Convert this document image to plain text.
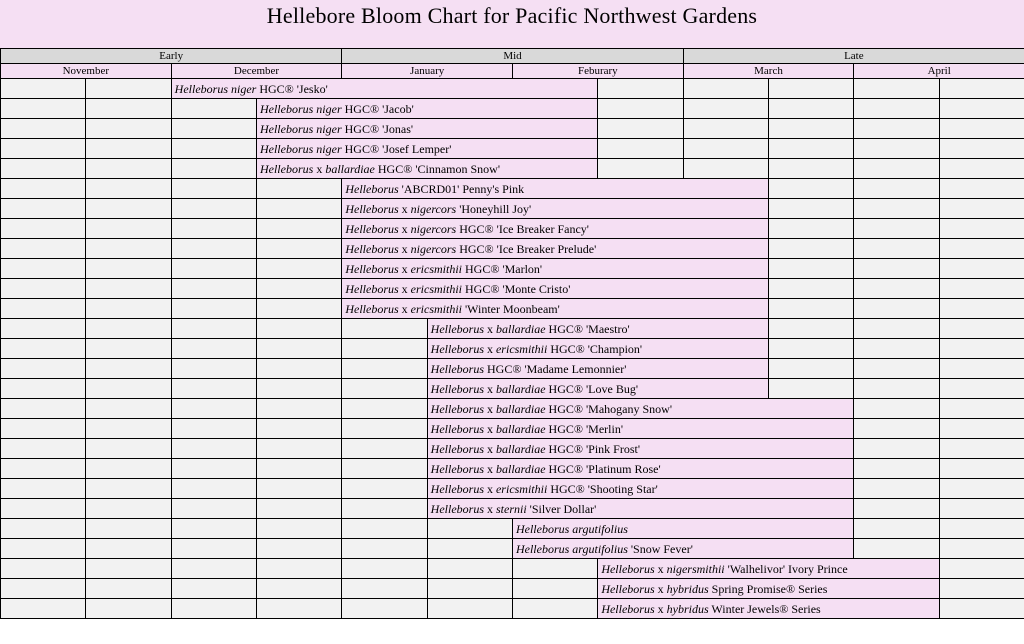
Hellebore Bloom Chart for Pacific Northwest Gardens
Early				Mid				Late			
November		December		January		Feburary		March		April	
		Helleborus niger HGC® 'Jesko'									
			Helleborus niger HGC® 'Jacob'								
			Helleborus niger HGC® 'Jonas'								
			Helleborus niger HGC® 'Josef Lemper'								
			Helleborus x ballardiae HGC® 'Cinnamon Snow'								
				Helleborus 'ABCRD01' Penny's Pink							
				Helleborus x nigercors 'Honeyhill Joy'							
				Helleborus x nigercors HGC® 'Ice Breaker Fancy'							
				Helleborus x nigercors HGC® 'Ice Breaker Prelude'							
				Helleborus x ericsmithii HGC® 'Marlon'							
				Helleborus x ericsmithii HGC® 'Monte Cristo'							
				Helleborus x ericsmithii 'Winter Moonbeam'							
					Helleborus x ballardiae HGC® 'Maestro'						
					Helleborus x ericsmithii HGC® 'Champion'						
					Helleborus HGC® 'Madame Lemonnier'						
					Helleborus x ballardiae HGC® 'Love Bug'						
					Helleborus x ballardiae HGC® 'Mahogany Snow'						
					Helleborus x ballardiae HGC® 'Merlin'						
					Helleborus x ballardiae HGC® 'Pink Frost'						
					Helleborus x ballardiae HGC® 'Platinum Rose'						
					Helleborus x ericsmithii HGC® 'Shooting Star'						
					Helleborus x sternii 'Silver Dollar'						
						Helleborus argutifolius					
						Helleborus argutifolius 'Snow Fever'					
							Helleborus x nigersmithii 'Walhelivor' Ivory Prince				
							Helleborus x hybridus Spring Promise® Series				
							Helleborus x hybridus Winter Jewels® Series				
